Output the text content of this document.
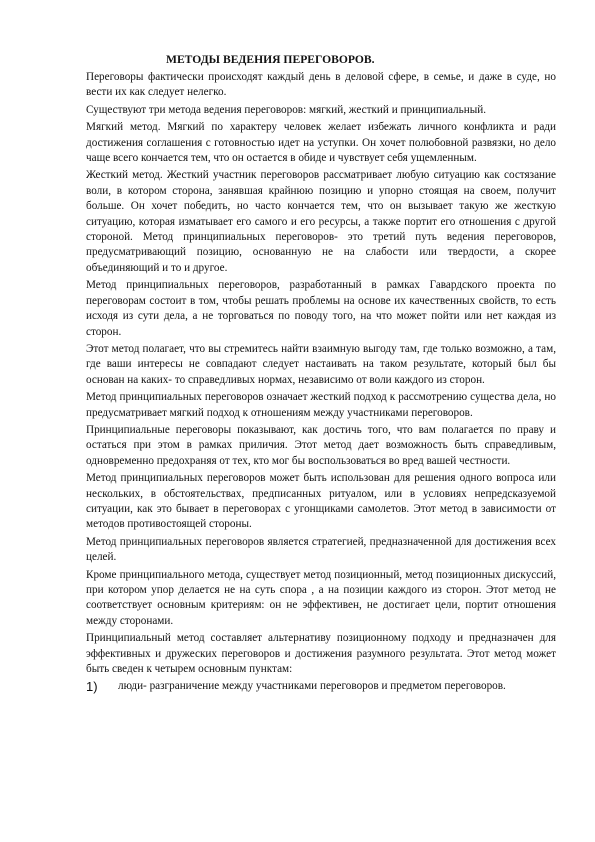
МЕТОДЫ ВЕДЕНИЯ ПЕРЕГОВОРОВ.

Переговоры фактически происходят каждый день в деловой сфере, в семье, и даже в суде, но вести их как следует нелегко.

Существуют три метода ведения переговоров: мягкий, жесткий и принципиальный.

Мягкий метод. Мягкий по характеру человек желает избежать личного конфликта и ради достижения соглашения с готовностью идет на уступки. Он хочет полюбовной развязки, но дело чаще всего кончается тем, что он остается в обиде и чувствует себя ущемленным.

Жесткий метод. Жесткий участник переговоров рассматривает любую ситуацию как состязание воли, в котором сторона, занявшая крайнюю позицию и упорно стоящая на своем, получит больше. Он хочет победить, но часто кончается тем, что он вызывает такую же жесткую ситуацию, которая изматывает его самого и его ресурсы, а также портит его отношения с другой стороной. Метод принципиальных переговоров- это третий путь ведения переговоров, предусматривающий позицию, основанную не на слабости или твердости, а скорее объединяющий и то и другое.

Метод принципиальных переговоров, разработанный в рамках Гавардского проекта по переговорам состоит в том, чтобы решать проблемы на основе их качественных свойств, то есть исходя из сути дела, а не торговаться по поводу того, на что может пойти или нет каждая из сторон.

Этот метод полагает, что вы стремитесь найти взаимную выгоду там, где только возможно, а там, где ваши интересы не совпадают следует настаивать на таком результате, который был бы основан на каких- то справедливых нормах, независимо от воли каждого из сторон.

Метод принципиальных переговоров означает жесткий подход к рассмотрению существа дела, но предусматривает мягкий подход к отношениям между участниками переговоров.

Принципиальные переговоры показывают, как достичь того, что вам полагается по праву и остаться при этом в рамках приличия. Этот метод дает возможность быть справедливым, одновременно предохраняя от тех, кто мог бы воспользоваться во вред вашей честности.

Метод принципиальных переговоров может быть использован для решения одного вопроса или нескольких, в обстоятельствах, предписанных ритуалом, или в условиях непредсказуемой ситуации, как это бывает в переговорах с угонщиками самолетов. Этот метод в зависимости от методов противостоящей стороны.

Метод принципиальных переговоров является стратегией, предназначенной для достижения всех целей.

Кроме принципиального метода, существует метод позиционный, метод позиционных дискуссий, при котором упор делается не на суть спора , а на позиции каждого из сторон. Этот метод не соответствует основным критериям: он не эффективен, не достигает цели, портит отношения между сторонами.

Принципиальный метод составляет альтернативу позиционному подходу и предназначен для эффективных и дружеских переговоров и достижения разумного результата. Этот метод может быть сведен к четырем основным пунктам:

1)	люди- разграничение между участниками переговоров и предметом переговоров.
